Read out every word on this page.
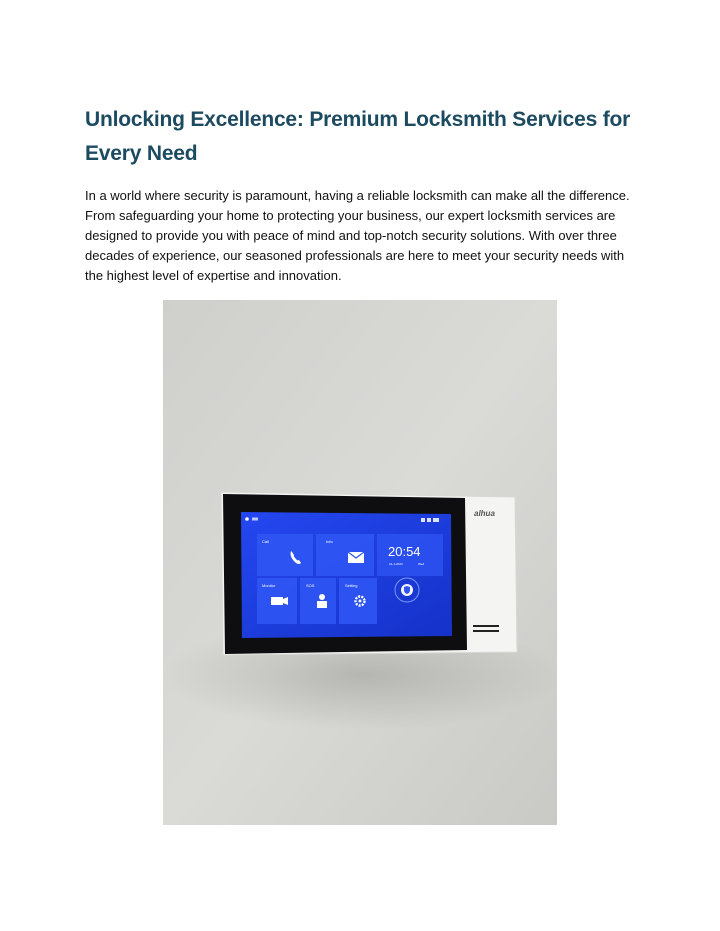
Unlocking Excellence: Premium Locksmith Services for Every Need

In a world where security is paramount, having a reliable locksmith can make all the difference. From safeguarding your home to protecting your business, our expert locksmith services are designed to provide you with peace of mind and top-notch security solutions. With over three decades of experience, our seasoned professionals are here to meet your security needs with the highest level of expertise and innovation.

Call	Info
20:54
21-1-2023	Wed
Monitor	SOS	Setting
alhua
